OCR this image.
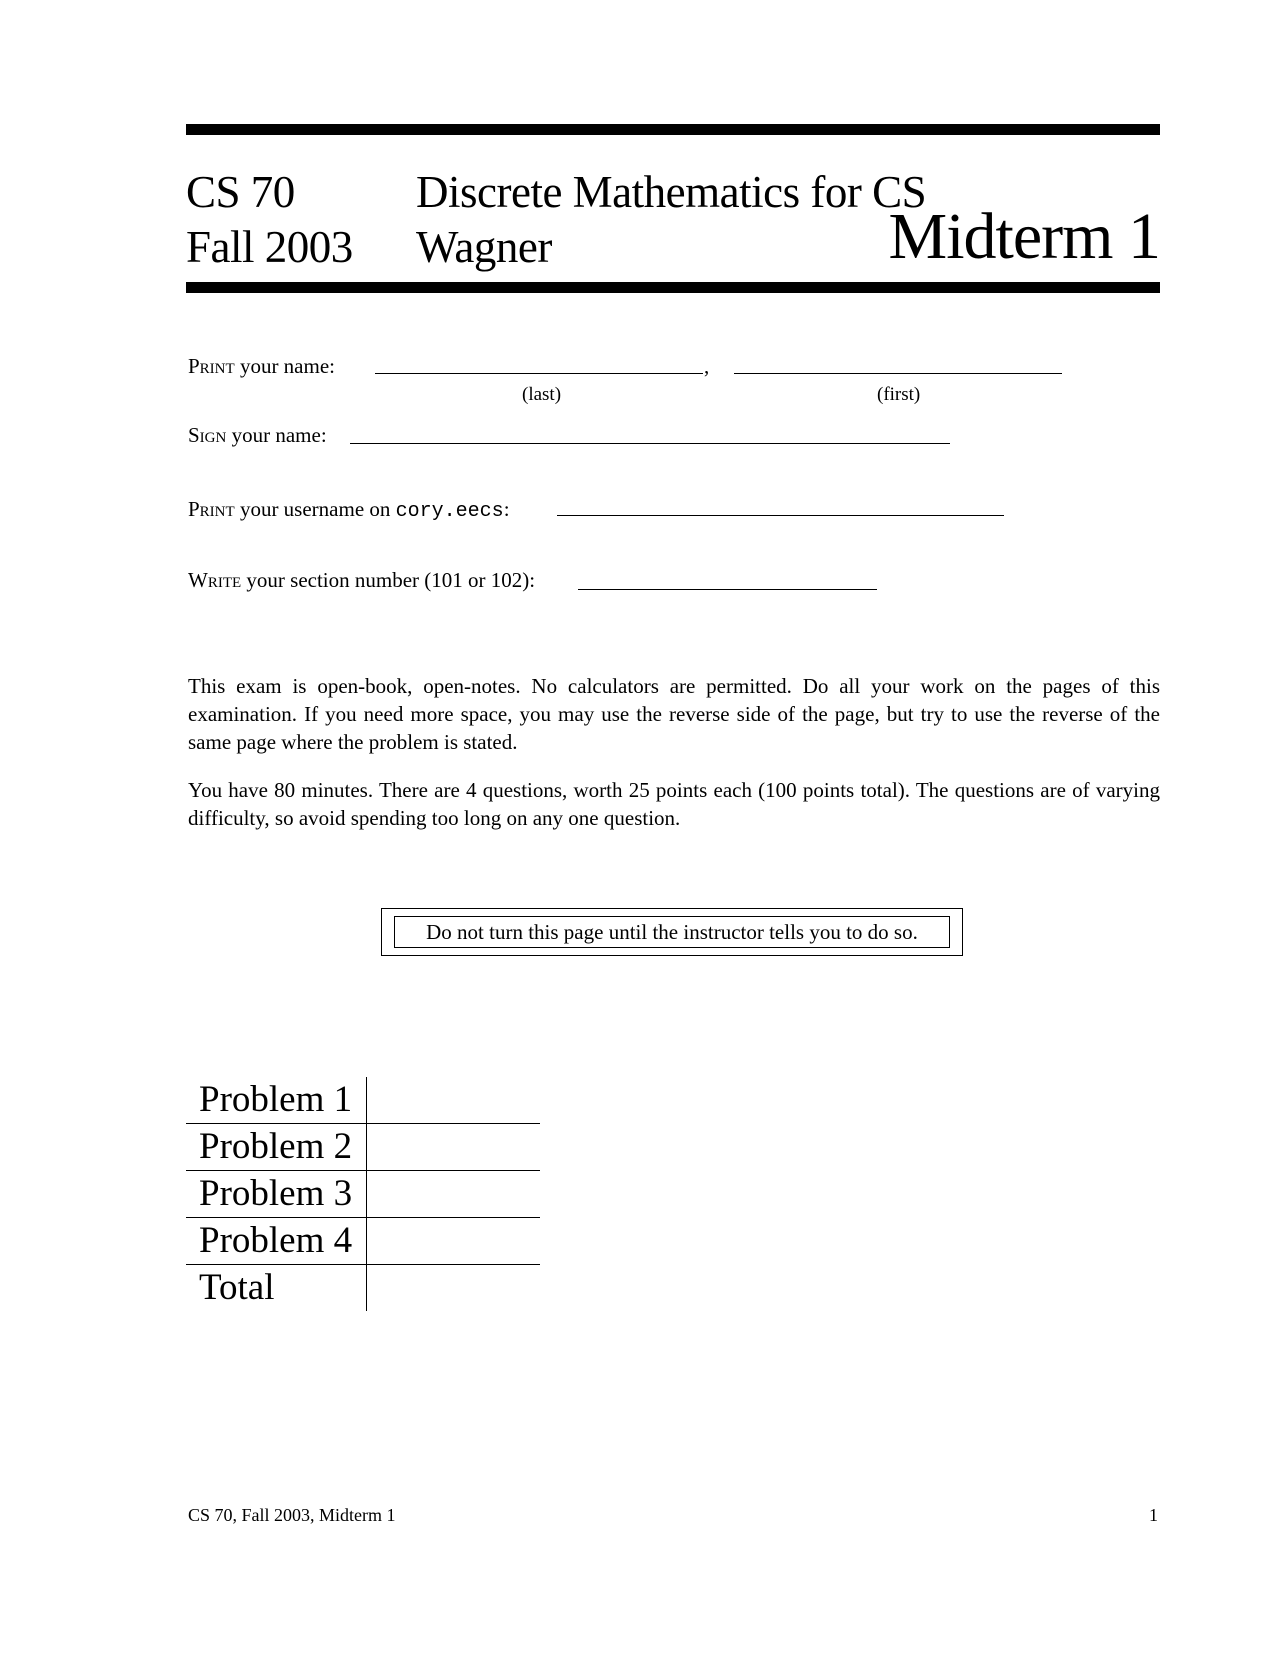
CS 70
Fall 2003
Discrete Mathematics for CS
Wagner	Midterm 1
Print your name:	,
(last)	(first)
Sign your name:
Print your username on cory.eecs:
Write your section number (101 or 102):
This exam is open-book, open-notes. No calculators are permitted. Do all your work on the pages of this examination. If you need more space, you may use the reverse side of the page, but try to use the reverse of the same page where the problem is stated.
You have 80 minutes. There are 4 questions, worth 25 points each (100 points total). The questions are of varying difficulty, so avoid spending too long on any one question.
Do not turn this page until the instructor tells you to do so.
Problem 1	
Problem 2	
Problem 3	
Problem 4	
Total	
CS 70, Fall 2003, Midterm 1	1
